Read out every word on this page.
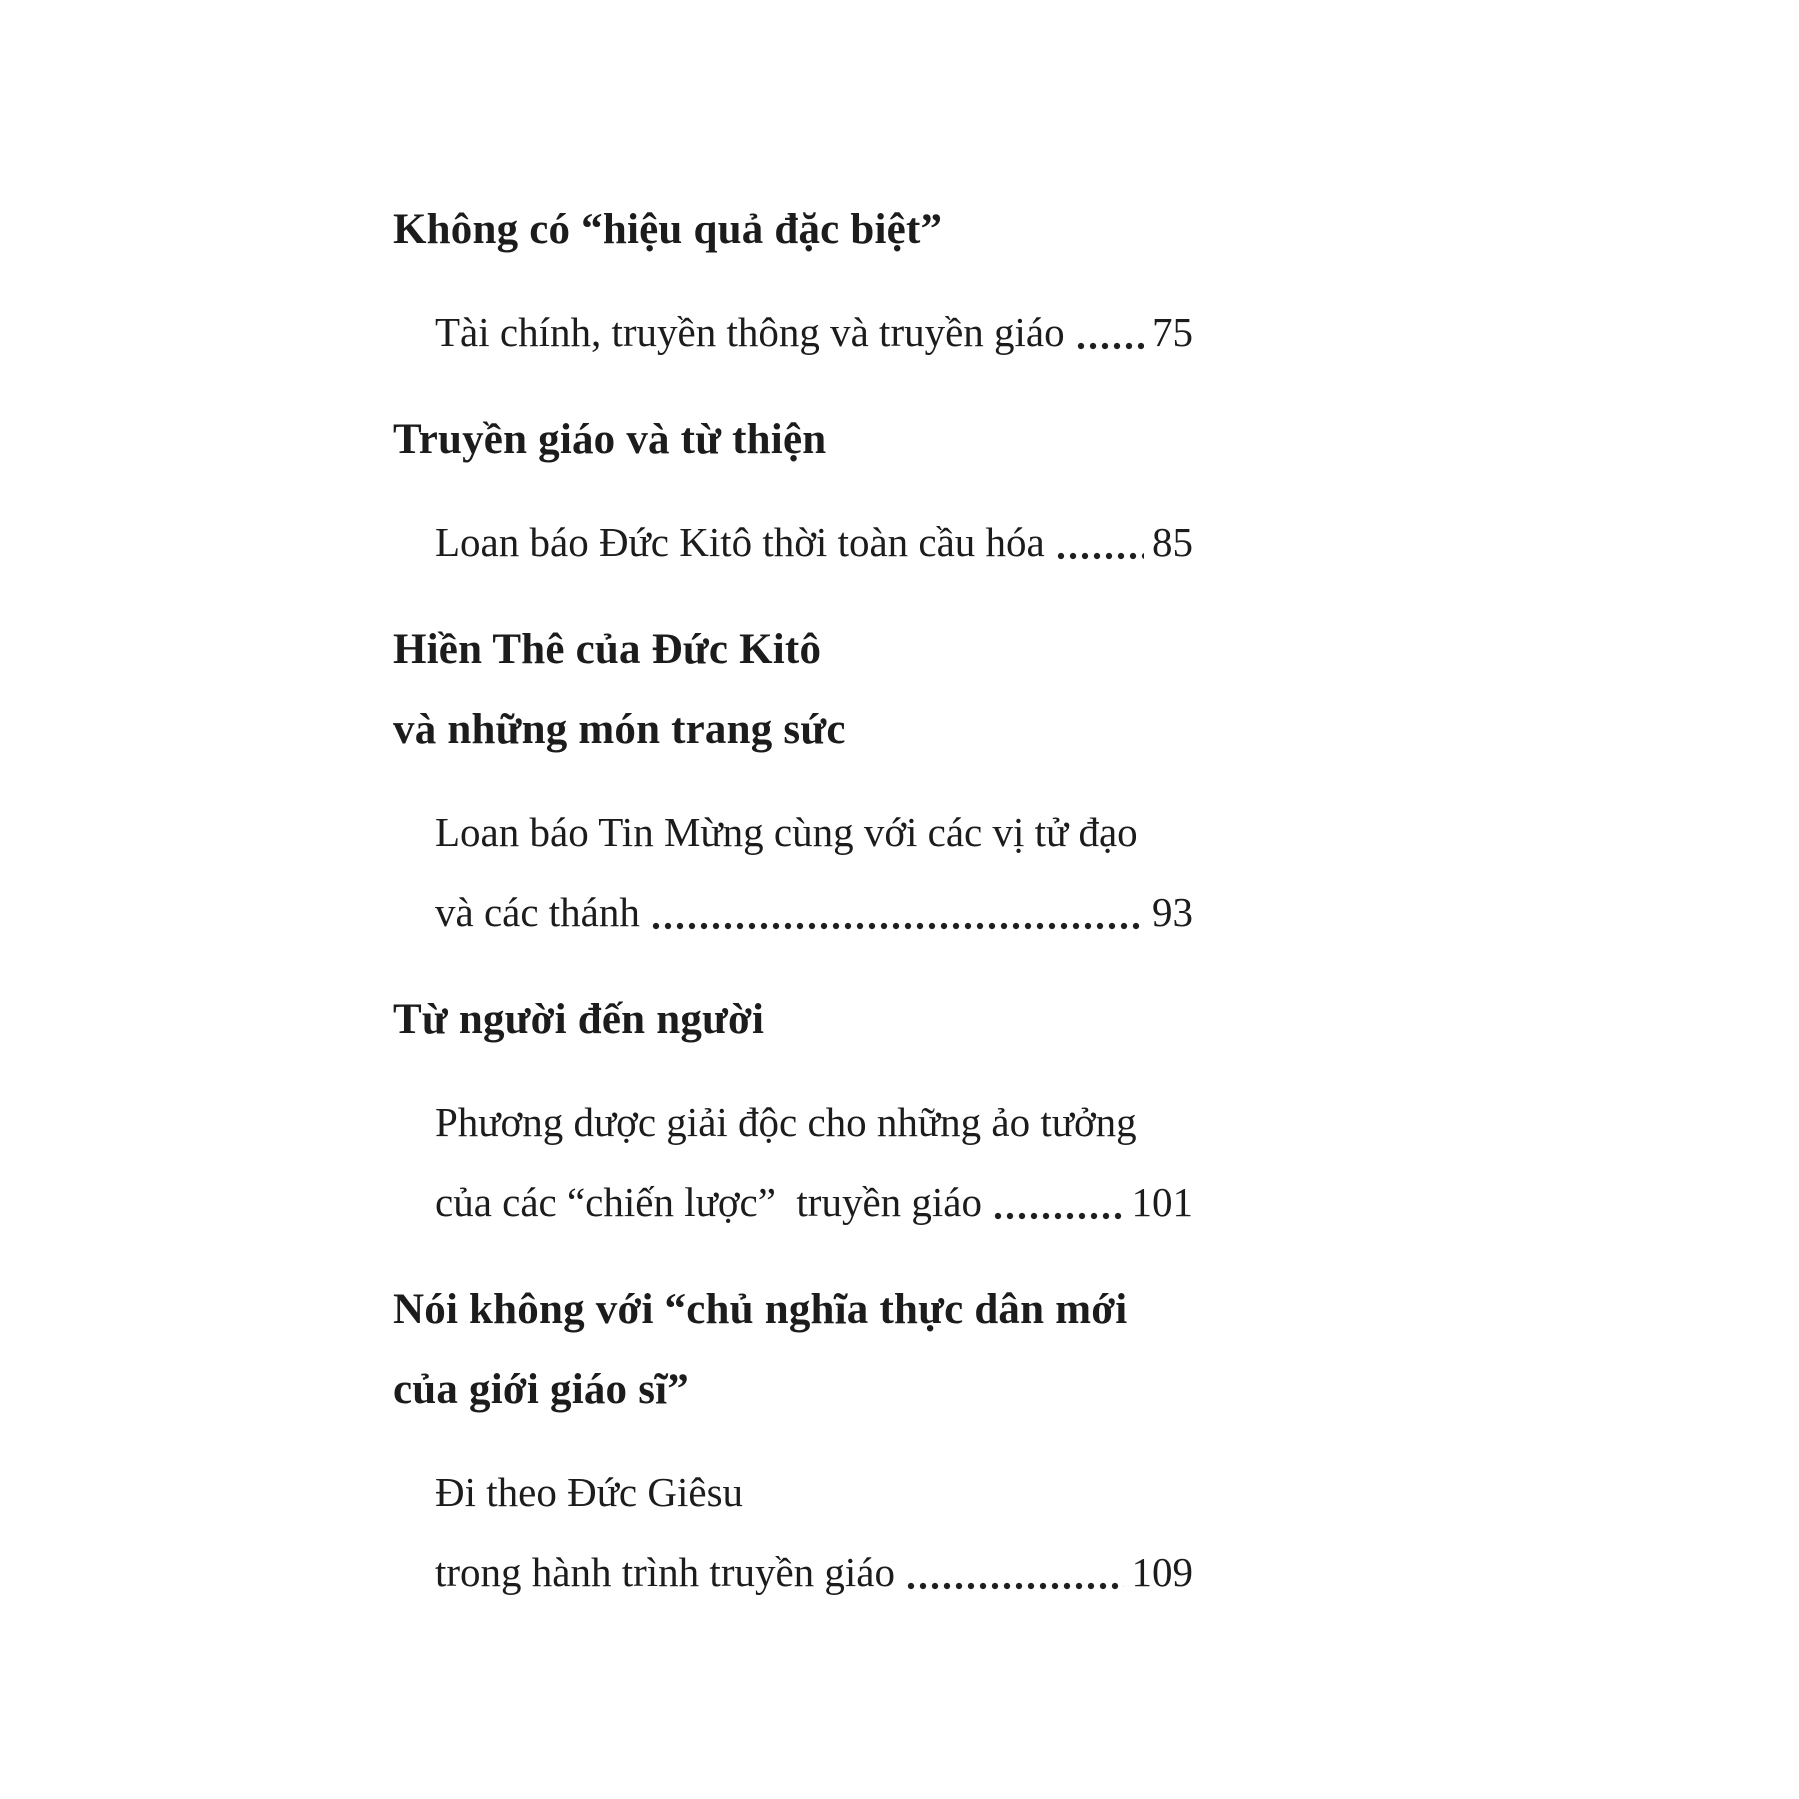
Không có “hiệu quả đặc biệt”
Tài chính, truyền thông và truyền giáo 75
Truyền giáo và từ thiện
Loan báo Đức Kitô thời toàn cầu hóa	85
Hiền Thê của Đức Kitô
và những món trang sức
Loan báo Tin Mừng cùng với các vị tử đạo
và các thánh	93
Từ người đến người
Phương dược giải độc cho những ảo tưởng
của các “chiến lược”  truyền giáo	101
Nói không với “chủ nghĩa thực dân mới
của giới giáo sĩ”
Đi theo Đức Giêsu
trong hành trình truyền giáo	109
